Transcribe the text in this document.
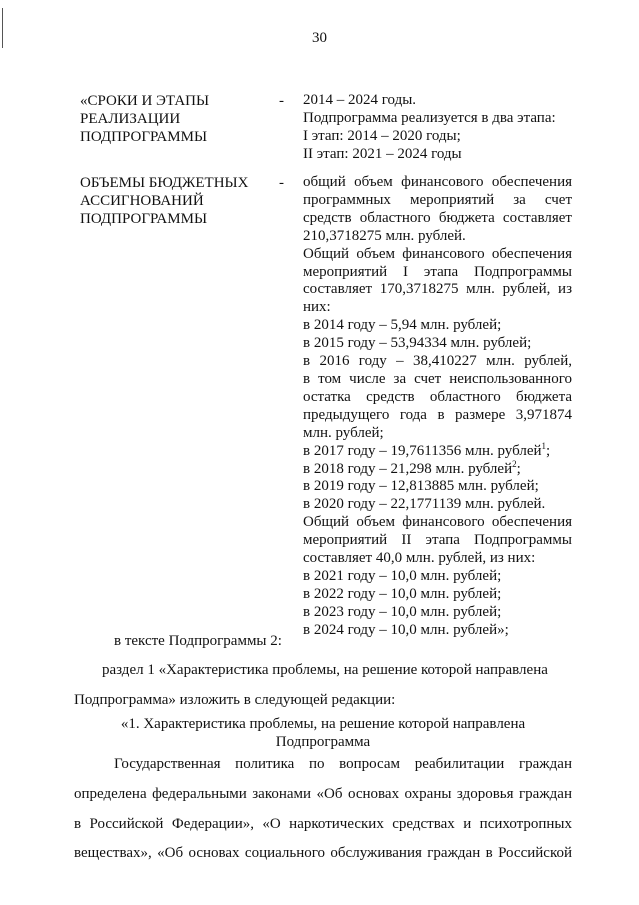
30
«СРОКИ И ЭТАПЫ
РЕАЛИЗАЦИИ
ПОДПРОГРАММЫ
- 2014 – 2024 годы.
Подпрограмма реализуется в два этапа:
I этап: 2014 – 2020 годы;
II этап: 2021 – 2024 годы
ОБЪЕМЫ БЮДЖЕТНЫХ
АССИГНОВАНИЙ
ПОДПРОГРАММЫ
- общий объем финансового обеспечения
программных мероприятий за счет
средств областного бюджета составляет
210,3718275 млн. рублей.
Общий объем финансового обеспечения
мероприятий I этапа Подпрограммы
составляет 170,3718275 млн. рублей, из
них:
в 2014 году – 5,94 млн. рублей;
в 2015 году – 53,94334 млн. рублей;
в 2016 году – 38,410227 млн. рублей,
в том числе за счет неиспользованного
остатка средств областного бюджета
предыдущего года в размере 3,971874
млн. рублей;
в 2017 году – 19,7611356 млн. рублей$^1$;
в 2018 году – 21,298 млн. рублей$^2$;
в 2019 году – 12,813885 млн. рублей;
в 2020 году – 22,1771139 млн. рублей.
Общий объем финансового обеспечения
мероприятий II этапа Подпрограммы
составляет 40,0 млн. рублей, из них:
в 2021 году – 10,0 млн. рублей;
в 2022 году – 10,0 млн. рублей;
в 2023 году – 10,0 млн. рублей;
в 2024 году – 10,0 млн. рублей»;
в тексте Подпрограммы 2:
раздел 1 «Характеристика проблемы, на решение которой направлена
Подпрограмма» изложить в следующей редакции:
«1. Характеристика проблемы, на решение которой направлена
Подпрограмма
Государственная политика по вопросам реабилитации граждан
определена федеральными законами «Об основах охраны здоровья граждан
в Российской Федерации», «О наркотических средствах и психотропных
веществах», «Об основах социального обслуживания граждан в Российской
